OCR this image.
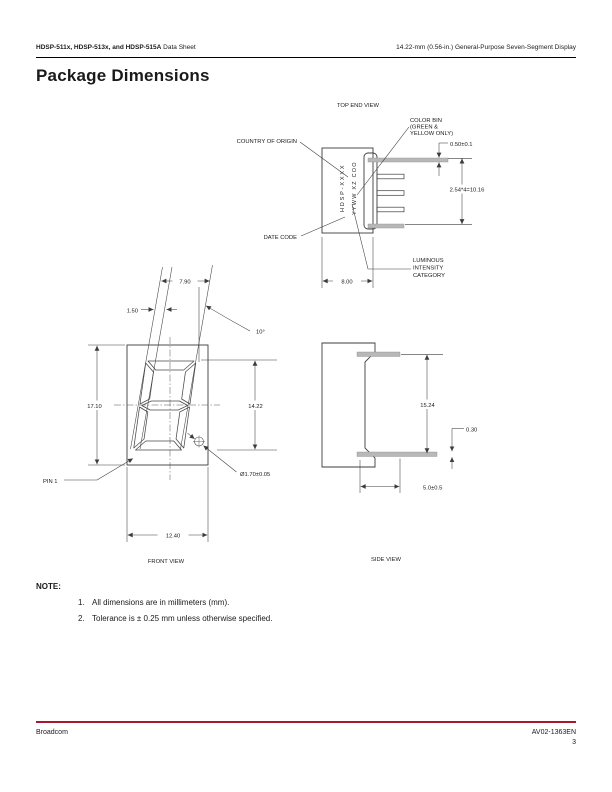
HDSP-511x, HDSP-513x, and HDSP-515A Data Sheet	14.22-mm (0.56-in.) General-Purpose Seven-Segment Display
Package Dimensions
TOP END VIEW
HDSP-XXXX
YYWW XZ COO
COLOR BIN
(GREEN &
YELLOW ONLY)
COUNTRY OF ORIGIN
DATE CODE
LUMINOUS
INTENSITY
CATEGORY
0.50±0.1
2.54*4=10.16
8.00
7.90
1.50
10°
Ø1.70±0.05
17.10	14.22
12.40
PIN 1
FRONT VIEW
15.24
0.30
5.0±0.5
SIDE VIEW
NOTE:
1. All dimensions are in millimeters (mm).
2. Tolerance is ± 0.25 mm unless otherwise specified.
Broadcom	AV02-1363EN
3
